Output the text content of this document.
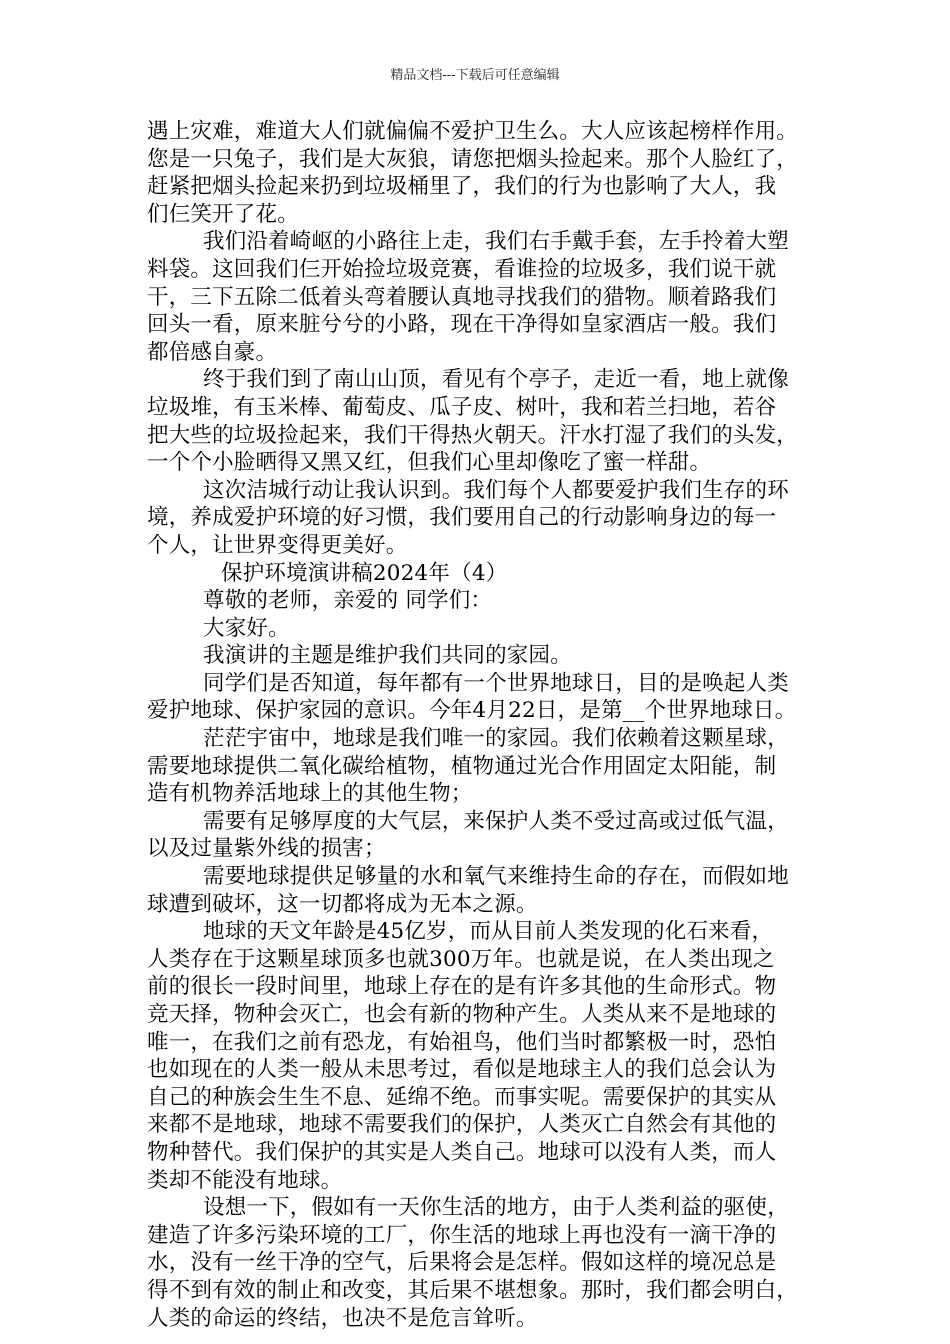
精品文档---下载后可任意编辑
遇上灾难，难道大人们就偏偏不爱护卫生么。大人应该起榜样作用。
您是一只兔子，我们是大灰狼，请您把烟头捡起来。那个人脸红了，
赶紧把烟头捡起来扔到垃圾桶里了，我们的行为也影响了大人，我
们仨笑开了花。
我们沿着崎岖的小路往上走，我们右手戴手套，左手拎着大塑
料袋。这回我们仨开始捡垃圾竞赛，看谁捡的垃圾多，我们说干就
干，三下五除二低着头弯着腰认真地寻找我们的猎物。顺着路我们
回头一看，原来脏兮兮的小路，现在干净得如皇家酒店一般。我们
都倍感自豪。
终于我们到了南山山顶，看见有个亭子，走近一看，地上就像
垃圾堆，有玉米棒、葡萄皮、瓜子皮、树叶，我和若兰扫地，若谷
把大些的垃圾捡起来，我们干得热火朝天。汗水打湿了我们的头发，
一个个小脸晒得又黑又红，但我们心里却像吃了蜜一样甜。
这次洁城行动让我认识到。我们每个人都要爱护我们生存的环
境，养成爱护环境的好习惯，我们要用自己的行动影响身边的每一
个人，让世界变得更美好。
保护环境演讲稿2024年（4）
尊敬的老师，亲爱的 同学们：
大家好。
我演讲的主题是维护我们共同的家园。
同学们是否知道，每年都有一个世界地球日，目的是唤起人类
爱护地球、保护家园的意识。今年4月22日，是第__个世界地球日。
茫茫宇宙中，地球是我们唯一的家园。我们依赖着这颗星球，
需要地球提供二氧化碳给植物，植物通过光合作用固定太阳能，制
造有机物养活地球上的其他生物；
需要有足够厚度的大气层，来保护人类不受过高或过低气温，
以及过量紫外线的损害；
需要地球提供足够量的水和氧气来维持生命的存在，而假如地
球遭到破坏，这一切都将成为无本之源。
地球的天文年龄是45亿岁，而从目前人类发现的化石来看，
人类存在于这颗星球顶多也就300万年。也就是说，在人类出现之
前的很长一段时间里，地球上存在的是有许多其他的生命形式。物
竞天择，物种会灭亡，也会有新的物种产生。人类从来不是地球的
唯一，在我们之前有恐龙，有始祖鸟，他们当时都繁极一时，恐怕
也如现在的人类一般从未思考过，看似是地球主人的我们总会认为
自己的种族会生生不息、延绵不绝。而事实呢。需要保护的其实从
来都不是地球，地球不需要我们的保护，人类灭亡自然会有其他的
物种替代。我们保护的其实是人类自己。地球可以没有人类，而人
类却不能没有地球。
设想一下，假如有一天你生活的地方，由于人类利益的驱使，
建造了许多污染环境的工厂，你生活的地球上再也没有一滴干净的
水，没有一丝干净的空气，后果将会是怎样。假如这样的境况总是
得不到有效的制止和改变，其后果不堪想象。那时，我们都会明白，
人类的命运的终结，也决不是危言耸听。
